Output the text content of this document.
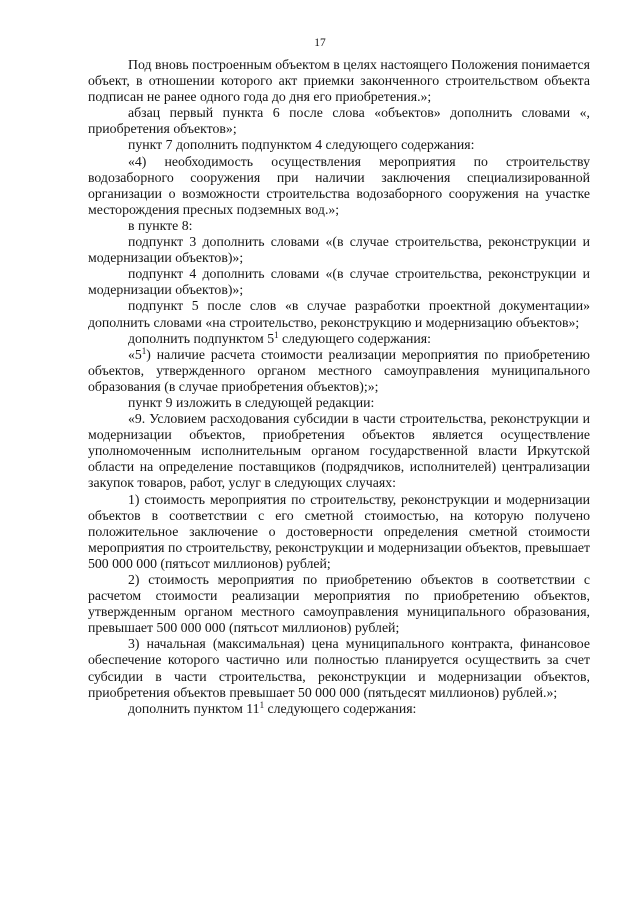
17

Под вновь построенным объектом в целях настоящего Положения понимается объект, в отношении которого акт приемки законченного строительством объекта подписан не ранее одного года до дня его приобретения.»;

абзац первый пункта 6 после слова «объектов» дополнить словами «, приобретения объектов»;

пункт 7 дополнить подпунктом 4 следующего содержания:

«4) необходимость осуществления мероприятия по строительству водозаборного сооружения при наличии заключения специализированной организации о возможности строительства водозаборного сооружения на участке месторождения пресных подземных вод.»;

в пункте 8:

подпункт 3 дополнить словами «(в случае строительства, реконструкции и модернизации объектов)»;

подпункт 4 дополнить словами «(в случае строительства, реконструкции и модернизации объектов)»;

подпункт 5 после слов «в случае разработки проектной документации» дополнить словами «на строительство, реконструкцию и модернизацию объектов»;

дополнить подпунктом $5^1$ следующего содержания:

«$5^1$) наличие расчета стоимости реализации мероприятия по приобретению объектов, утвержденного органом местного самоуправления муниципального образования (в случае приобретения объектов);»;

пункт 9 изложить в следующей редакции:

«9. Условием расходования субсидии в части строительства, реконструкции и модернизации объектов, приобретения объектов является осуществление уполномоченным исполнительным органом государственной власти Иркутской области на определение поставщиков (подрядчиков, исполнителей) централизации закупок товаров, работ, услуг в следующих случаях:

1) стоимость мероприятия по строительству, реконструкции и модернизации объектов в соответствии с его сметной стоимостью, на которую получено положительное заключение о достоверности определения сметной стоимости мероприятия по строительству, реконструкции и модернизации объектов, превышает 500 000 000 (пятьсот миллионов) рублей;

2) стоимость мероприятия по приобретению объектов в соответствии с расчетом стоимости реализации мероприятия по приобретению объектов, утвержденным органом местного самоуправления муниципального образования, превышает 500 000 000 (пятьсот миллионов) рублей;

3) начальная (максимальная) цена муниципального контракта, финансовое обеспечение которого частично или полностью планируется осуществить за счет субсидии в части строительства, реконструкции и модернизации объектов, приобретения объектов превышает 50 000 000 (пятьдесят миллионов) рублей.»;

дополнить пунктом $11^1$ следующего содержания:
